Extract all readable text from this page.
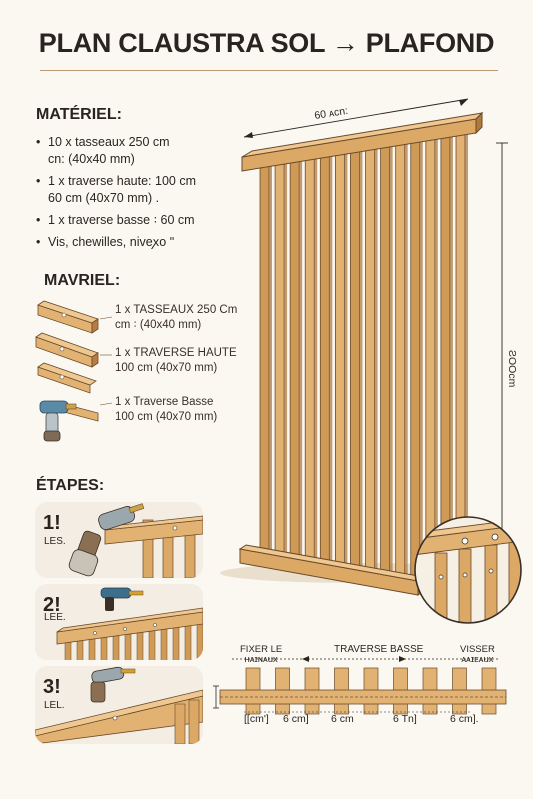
PLAN CLAUSTRA SOL → PLAFOND
MATÉRIEL:
• 10 x tasseaux 250 cm
cn: (40x40 mm)
• 1 x traverse haute: 100 cm
60 cm (40x70 mm) .
• 1 x traverse basse ꞉ 60 cm
• Vis, chewilles, niveꭗo ʺ
MAVRIEL:
1 x TASSEAUX 250 Cm
cm ꞉ (40x40 mm)
1 x TRAVERSE HAUTE
100 cm (40x70 mm)
1 x Traverse Basse
100 cm (40x70 mm)
60 ᴀcn:
ƧOOcm
ÉTAPES:
1!
LES.
2!
LEE.
3!
LEL.
FIXER LE
ʜᴀɪɴᴀux
TRAVERSE BASSE	VISSER
ᴀᴀɪᴇᴀux
[[cm'] 6 cm] 6 cm	6 Tn]	6 cm].
